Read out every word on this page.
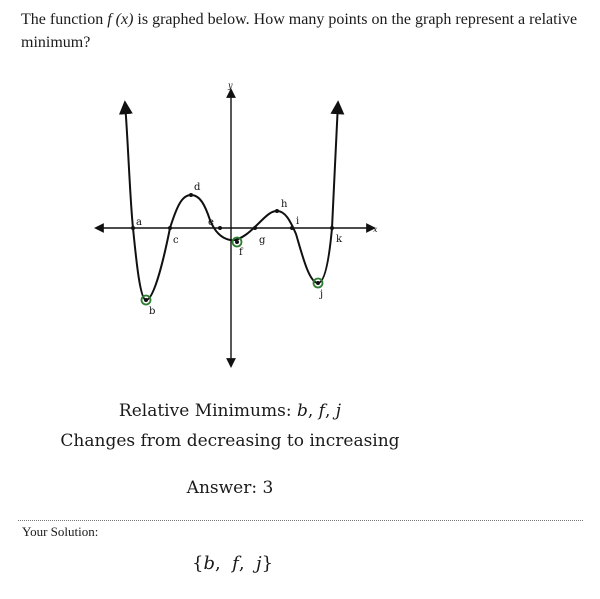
The function f (x) is graphed below. How many points on the graph represent a relative minimum?
x
y
a
b
c
d
e
f
g
h
i
j
k
Relative Minimums: b, f, j
Changes from decreasing to increasing
Answer: 3
Your Solution:
{b,  f,  j}
